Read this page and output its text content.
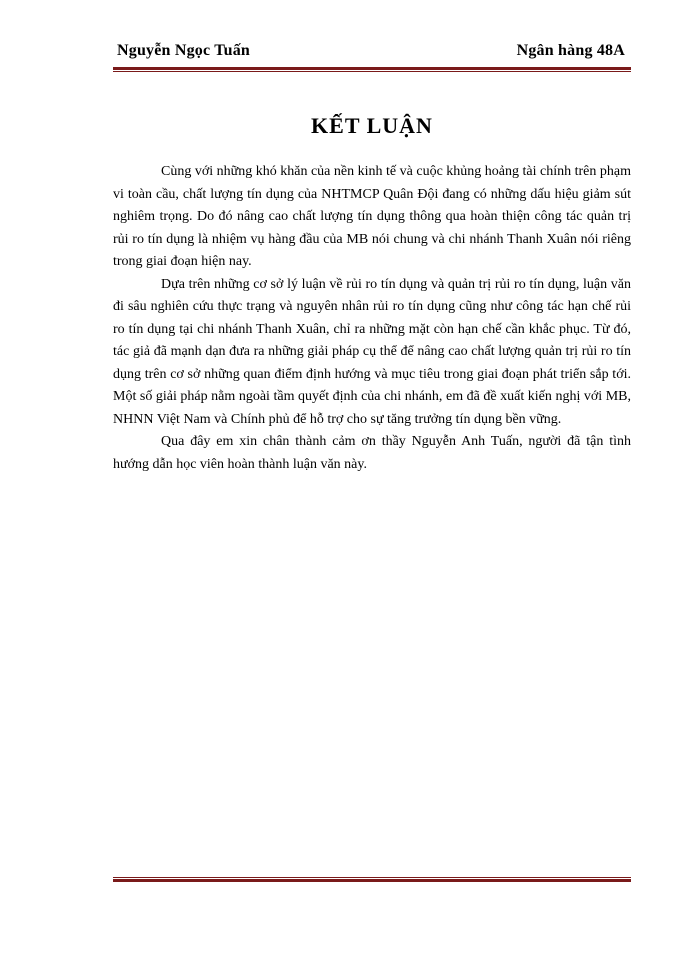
Nguyễn Ngọc Tuấn	Ngân hàng 48A
KẾT LUẬN

Cùng với những khó khăn của nền kinh tế và cuộc khủng hoảng tài chính trên phạm vi toàn cầu, chất lượng tín dụng của NHTMCP Quân Đội đang có những dấu hiệu giảm sút nghiêm trọng. Do đó nâng cao chất lượng tín dụng thông qua hoàn thiện công tác quản trị rủi ro tín dụng là nhiệm vụ hàng đầu của MB nói chung và chi nhánh Thanh Xuân nói riêng trong giai đoạn hiện nay.

Dựa trên những cơ sở lý luận về rủi ro tín dụng và quản trị rủi ro tín dụng, luận văn đi sâu nghiên cứu thực trạng và nguyên nhân rủi ro tín dụng cũng như công tác hạn chế rủi ro tín dụng tại chi nhánh Thanh Xuân, chỉ ra những mặt còn hạn chế cần khắc phục. Từ đó, tác giả đã mạnh dạn đưa ra những giải pháp cụ thể để nâng cao chất lượng quản trị rủi ro tín dụng trên cơ sở những quan điểm định hướng và mục tiêu trong giai đoạn phát triển sắp tới. Một số giải pháp nằm ngoài tầm quyết định của chi nhánh, em đã đề xuất kiến nghị với MB, NHNN Việt Nam và Chính phủ để hỗ trợ cho sự tăng trưởng tín dụng bền vững.

Qua đây em xin chân thành cảm ơn thầy Nguyễn Anh Tuấn, người đã tận tình hướng dẫn học viên hoàn thành luận văn này.
